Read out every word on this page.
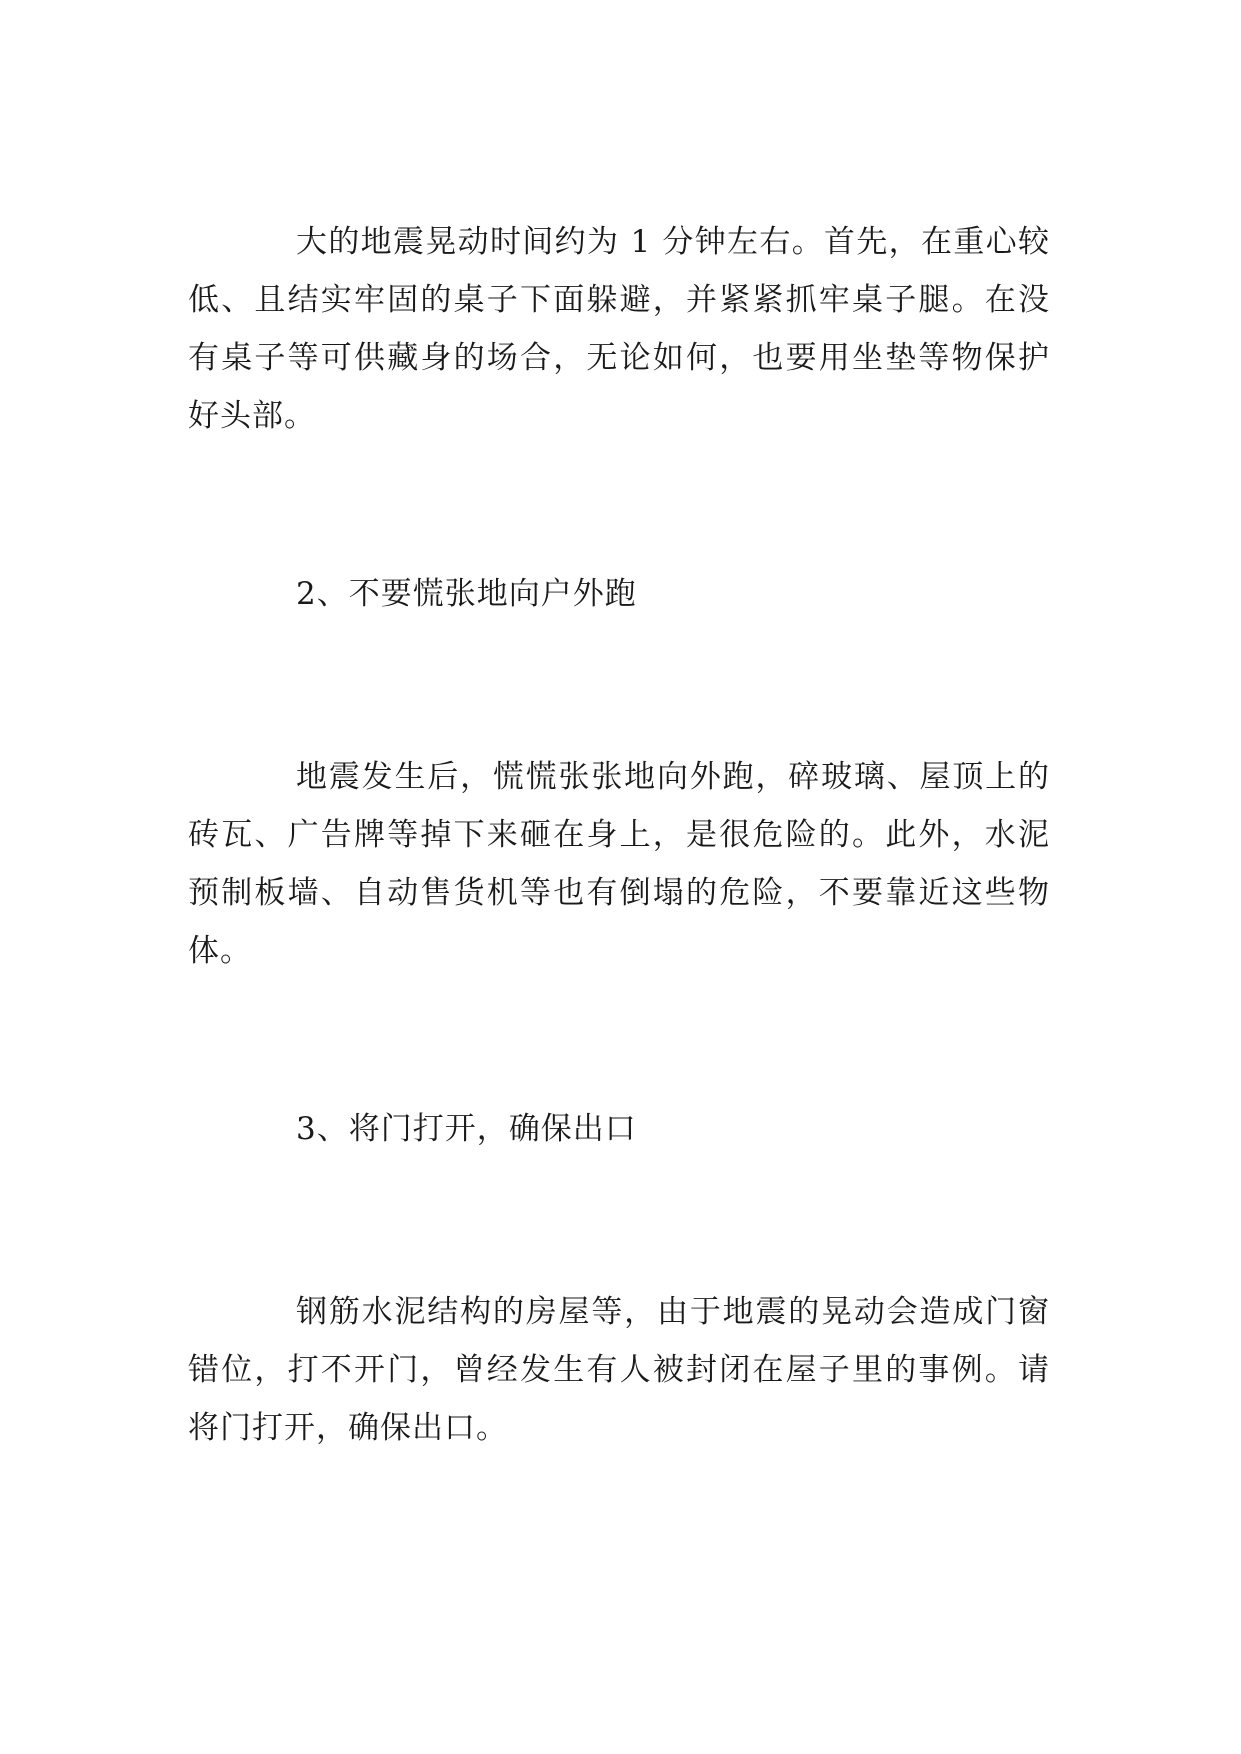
大的地震晃动时间约为 1 分钟左右。首先，在重心较低、且结实牢固的桌子下面躲避，并紧紧抓牢桌子腿。在没有桌子等可供藏身的场合，无论如何，也要用坐垫等物保护好头部。

2、不要慌张地向户外跑

地震发生后，慌慌张张地向外跑，碎玻璃、屋顶上的砖瓦、广告牌等掉下来砸在身上，是很危险的。此外，水泥预制板墙、自动售货机等也有倒塌的危险，不要靠近这些物体。

3、将门打开，确保出口

钢筋水泥结构的房屋等，由于地震的晃动会造成门窗错位，打不开门，曾经发生有人被封闭在屋子里的事例。请将门打开，确保出口。
